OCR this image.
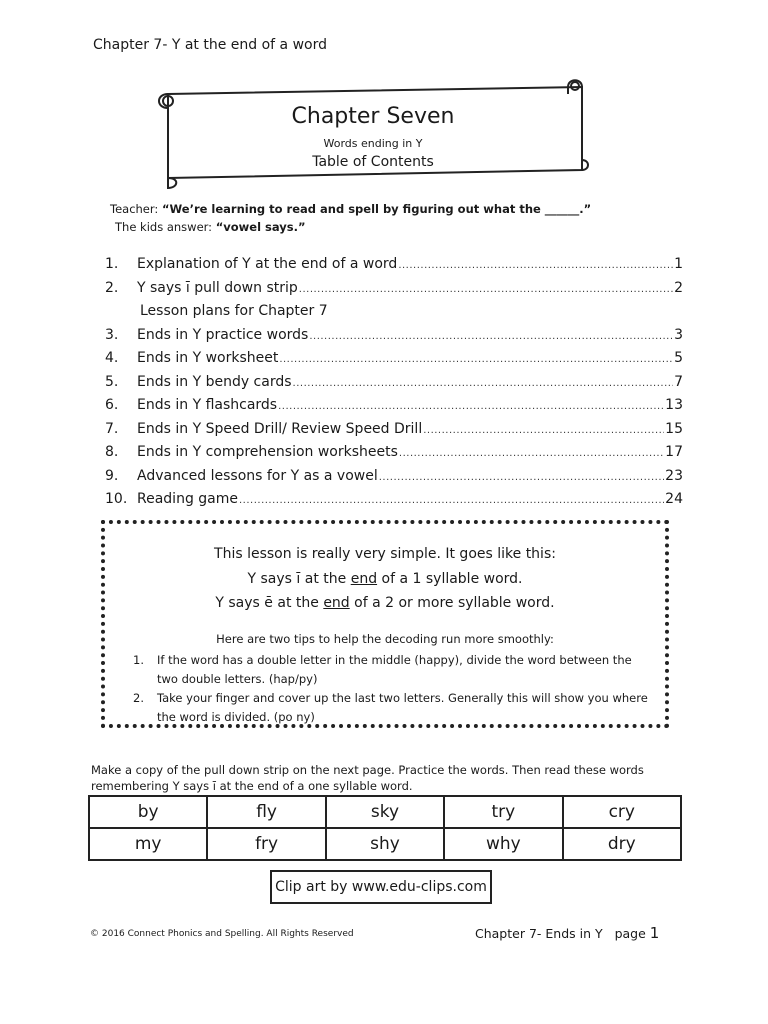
Chapter 7- Y at the end of a word
Chapter Seven
Words ending in Y
Table of Contents
Teacher: “We’re learning to read and spell by figuring out what the ______.”
The kids answer: “vowel says.”
1.	Explanation of Y at the end of a word .....	1
2.	Y says ī pull down strip .....	2
Lesson plans for Chapter 7
3.	Ends in Y practice words .....	3
4.	Ends in Y worksheet .....	5
5.	Ends in Y bendy cards .....	7
6.	Ends in Y flashcards .....	13
7.	Ends in Y Speed Drill/ Review Speed Drill .....	15
8.	Ends in Y comprehension worksheets .....	17
9.	Advanced lessons for Y as a vowel .....	23
10. Reading game .....	24
This lesson is really very simple. It goes like this:
Y says ī at the end of a 1 syllable word.
Y says ē at the end of a 2 or more syllable word.
Here are two tips to help the decoding run more smoothly:
1.	If the word has a double letter in the middle (happy), divide the word between the two double letters. (hap/py)
2.	Take your finger and cover up the last two letters. Generally this will show you where the word is divided. (po ny)
Make a copy of the pull down strip on the next page. Practice the words. Then read these words remembering Y says ī at the end of a one syllable word.
by	fly	sky	try	cry
my	fry	shy	why	dry
Clip art by www.edu-clips.com
© 2016 Connect Phonics and Spelling. All Rights Reserved	Chapter 7- Ends in Y page 1
